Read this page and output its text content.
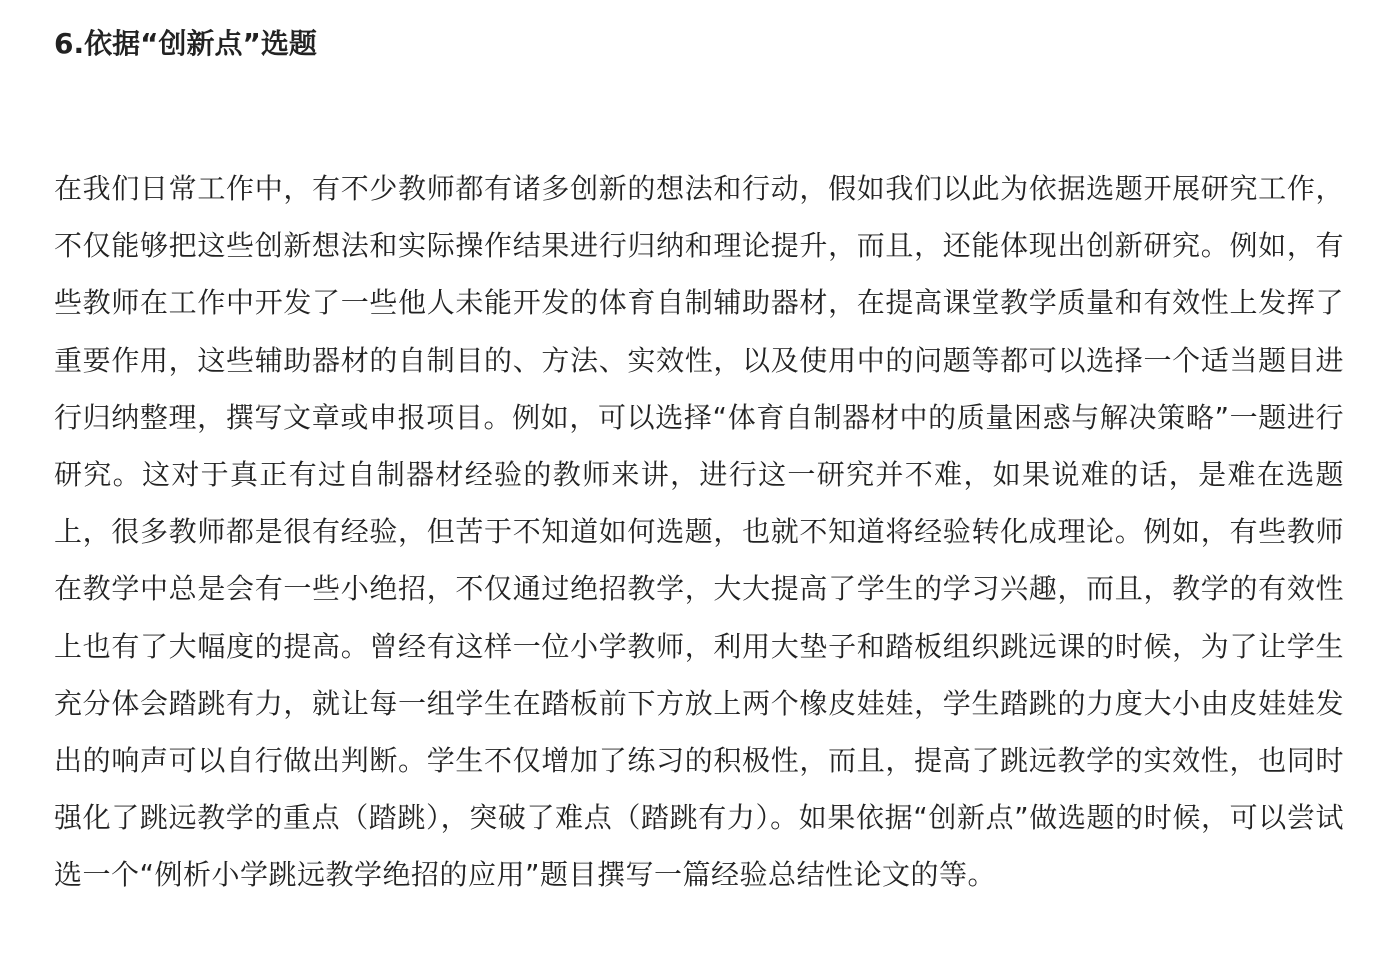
6.依据“创新点”选题

在我们日常工作中，有不少教师都有诸多创新的想法和行动，假如我们以此为依据选题开展研究工作，不仅能够把这些创新想法和实际操作结果进行归纳和理论提升，而且，还能体现出创新研究。例如，有些教师在工作中开发了一些他人未能开发的体育自制辅助器材，在提高课堂教学质量和有效性上发挥了重要作用，这些辅助器材的自制目的、方法、实效性，以及使用中的问题等都可以选择一个适当题目进行归纳整理，撰写文章或申报项目。例如，可以选择“体育自制器材中的质量困惑与解决策略”一题进行研究。这对于真正有过自制器材经验的教师来讲，进行这一研究并不难，如果说难的话，是难在选题上，很多教师都是很有经验，但苦于不知道如何选题，也就不知道将经验转化成理论。例如，有些教师在教学中总是会有一些小绝招，不仅通过绝招教学，大大提高了学生的学习兴趣，而且，教学的有效性上也有了大幅度的提高。曾经有这样一位小学教师，利用大垫子和踏板组织跳远课的时候，为了让学生充分体会踏跳有力，就让每一组学生在踏板前下方放上两个橡皮娃娃，学生踏跳的力度大小由皮娃娃发出的响声可以自行做出判断。学生不仅增加了练习的积极性，而且，提高了跳远教学的实效性，也同时强化了跳远教学的重点（踏跳），突破了难点（踏跳有力）。如果依据“创新点”做选题的时候，可以尝试选一个“例析小学跳远教学绝招的应用”题目撰写一篇经验总结性论文的等。
